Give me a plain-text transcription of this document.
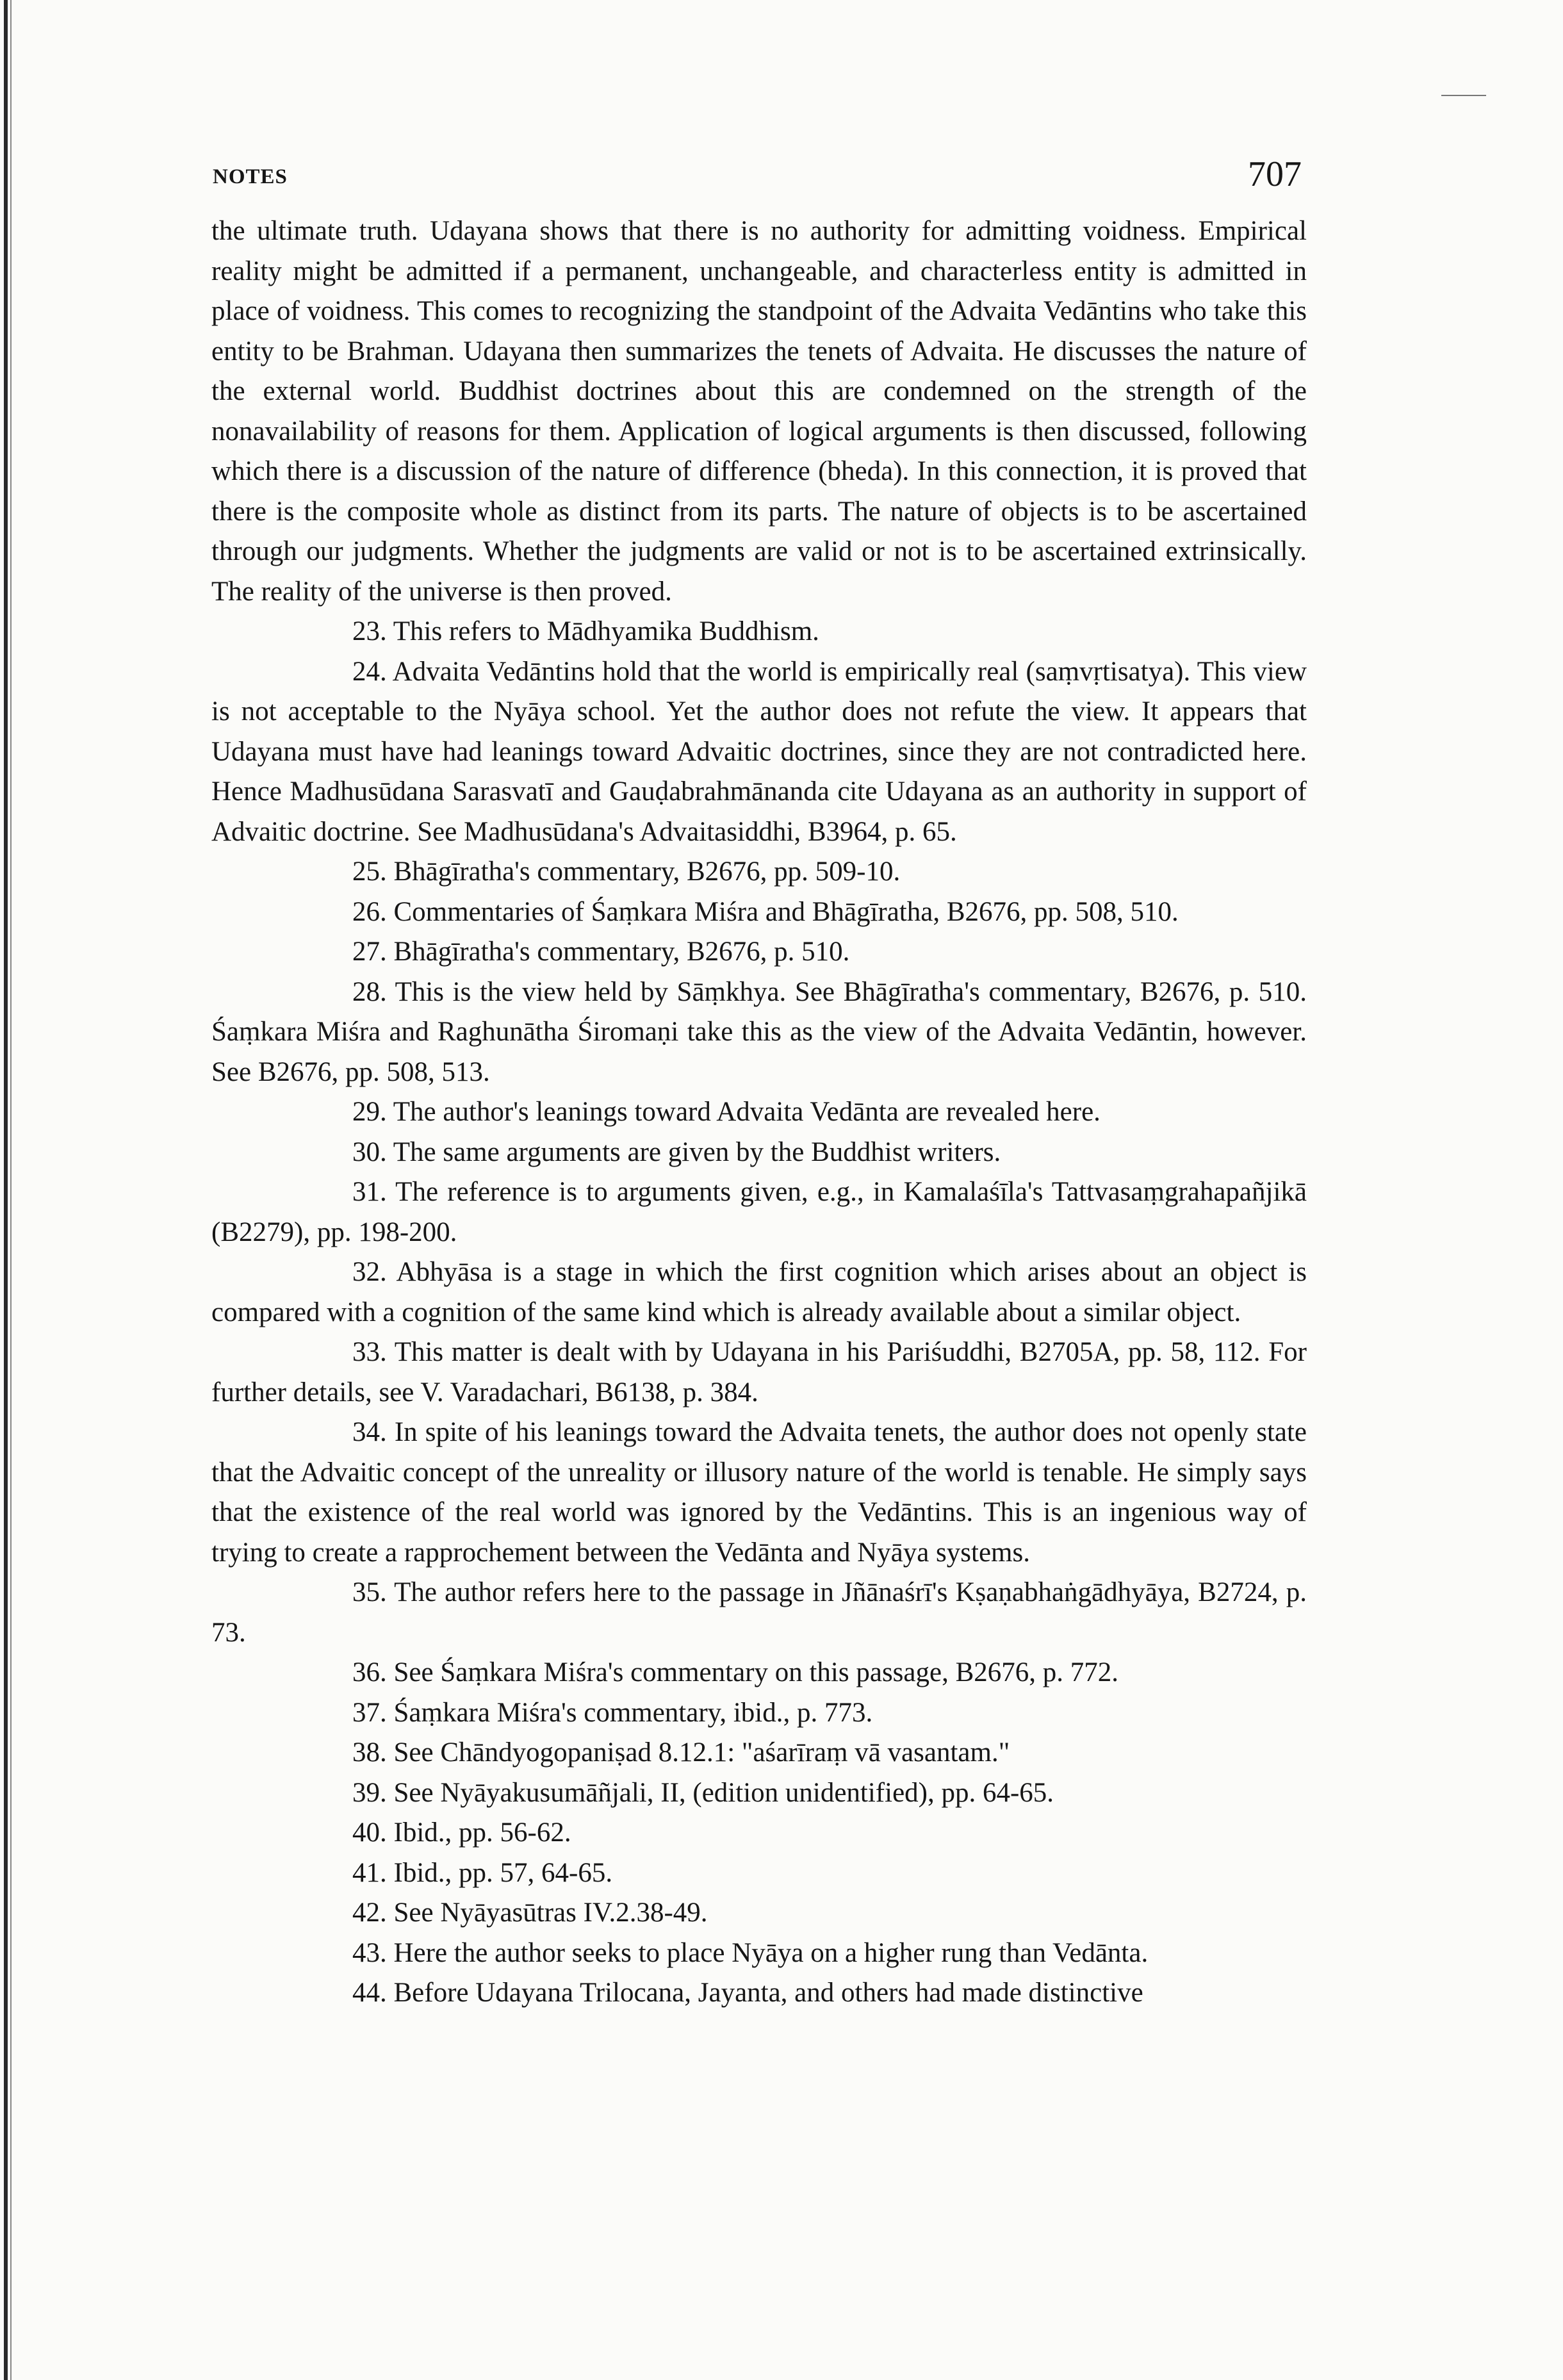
NOTES	707

the ultimate truth. Udayana shows that there is no authority for admitting voidness. Empirical reality might be admitted if a permanent, unchangeable, and characterless entity is admitted in place of voidness. This comes to recognizing the standpoint of the Advaita Vedāntins who take this entity to be Brahman. Udayana then summarizes the tenets of Advaita. He discusses the nature of the external world. Buddhist doctrines about this are condemned on the strength of the nonavailability of reasons for them. Application of logical arguments is then discussed, following which there is a discussion of the nature of difference (bheda). In this connection, it is proved that there is the composite whole as distinct from its parts. The nature of objects is to be ascertained through our judgments. Whether the judgments are valid or not is to be ascertained extrinsically. The reality of the universe is then proved.

23. This refers to Mādhyamika Buddhism.

24. Advaita Vedāntins hold that the world is empirically real (saṃvṛtisatya). This view is not acceptable to the Nyāya school. Yet the author does not refute the view. It appears that Udayana must have had leanings toward Advaitic doctrines, since they are not contradicted here. Hence Madhusūdana Sarasvatī and Gauḍabrahmānanda cite Udayana as an authority in support of Advaitic doctrine. See Madhusūdana's Advaitasiddhi, B3964, p. 65.

25. Bhāgīratha's commentary, B2676, pp. 509-10.

26. Commentaries of Śaṃkara Miśra and Bhāgīratha, B2676, pp. 508, 510.

27. Bhāgīratha's commentary, B2676, p. 510.

28. This is the view held by Sāṃkhya. See Bhāgīratha's commentary, B2676, p. 510. Śaṃkara Miśra and Raghunātha Śiromaṇi take this as the view of the Advaita Vedāntin, however. See B2676, pp. 508, 513.

29. The author's leanings toward Advaita Vedānta are revealed here.

30. The same arguments are given by the Buddhist writers.

31. The reference is to arguments given, e.g., in Kamalaśīla's Tattvasaṃgrahapañjikā (B2279), pp. 198-200.

32. Abhyāsa is a stage in which the first cognition which arises about an object is compared with a cognition of the same kind which is already available about a similar object.

33. This matter is dealt with by Udayana in his Pariśuddhi, B2705A, pp. 58, 112. For further details, see V. Varadachari, B6138, p. 384.

34. In spite of his leanings toward the Advaita tenets, the author does not openly state that the Advaitic concept of the unreality or illusory nature of the world is tenable. He simply says that the existence of the real world was ignored by the Vedāntins. This is an ingenious way of trying to create a rapprochement between the Vedānta and Nyāya systems.

35. The author refers here to the passage in Jñānaśrī's Kṣaṇabhaṅgādhyāya, B2724, p. 73.

36. See Śaṃkara Miśra's commentary on this passage, B2676, p. 772.

37. Śaṃkara Miśra's commentary, ibid., p. 773.

38. See Chāndyogopaniṣad 8.12.1: "aśarīraṃ vā vasantam."

39. See Nyāyakusumāñjali, II, (edition unidentified), pp. 64-65.

40. Ibid., pp. 56-62.

41. Ibid., pp. 57, 64-65.

42. See Nyāyasūtras IV.2.38-49.

43. Here the author seeks to place Nyāya on a higher rung than Vedānta.

44. Before Udayana Trilocana, Jayanta, and others had made distinctive
